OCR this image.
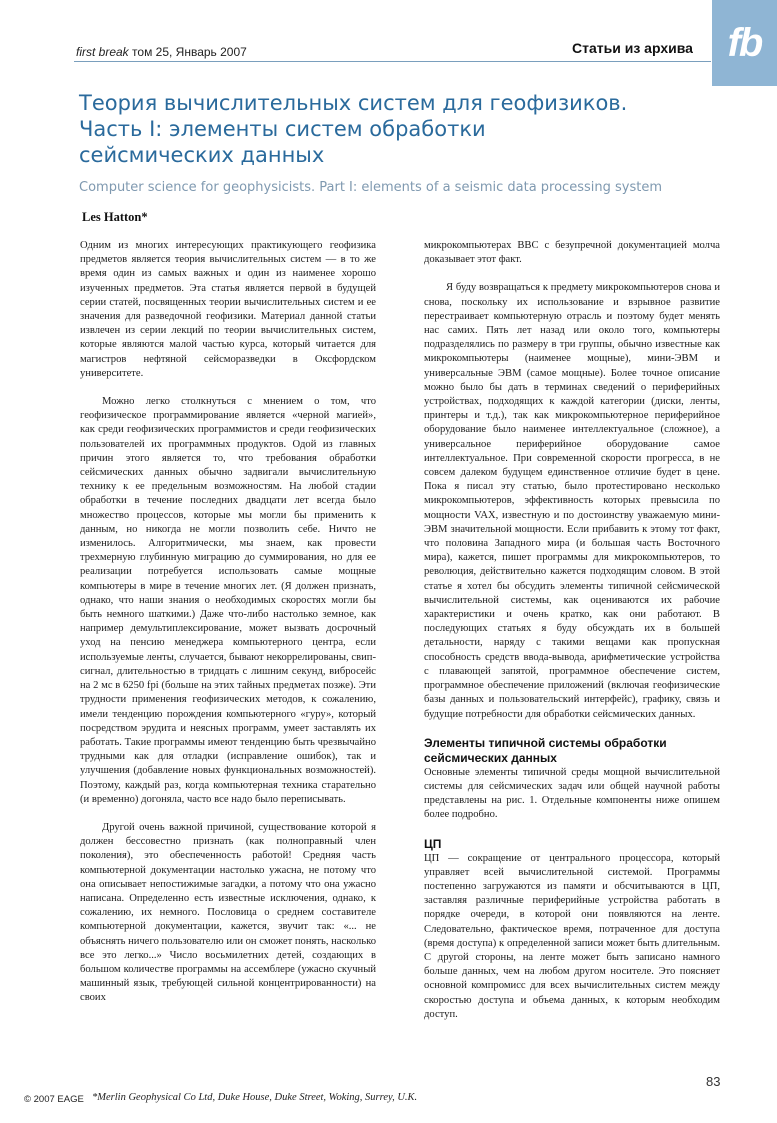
first break том 25, Январь 2007	Статьи из архива fb
Теория вычислительных систем для геофизиков. Часть I: элементы систем обработки сейсмических данных
Computer science for geophysicists. Part I: elements of a seismic data processing system
Les Hatton*

Одним из многих интересующих практикующего геофизика предметов является теория вычислительных систем — в то же время один из самых важных и один из наименее хорошо изученных предметов. Эта статья является первой в будущей серии статей, посвященных теории вычислительных систем и ее значения для разведочной геофизики. Материал данной статьи извлечен из серии лекций по теории вычислительных систем, которые являются малой частью курса, который читается для магистров нефтяной сейсморазведки в Оксфордском университете.

Можно легко столкнуться с мнением о том, что геофизическое программирование является «черной магией», как среди геофизических программистов и среди геофизических пользователей их программных продуктов. Одой из главных причин этого является то, что требования обработки сейсмических данных обычно задвигали вычислительную технику к ее предельным возможностям. На любой стадии обработки в течение последних двадцати лет всегда было множество процессов, которые мы могли бы применить к данным, но никогда не могли позволить себе. Ничто не изменилось. Алгоритмически, мы знаем, как провести трехмерную глубинную миграцию до суммирования, но для ее реализации потребуется использовать самые мощные компьютеры в мире в течение многих лет. (Я должен признать, однако, что наши знания о необходимых скоростях могли бы быть немного шаткими.) Даже что-либо настолько земное, как например демультиплексирование, может вызвать досрочный уход на пенсию менеджера компьютерного центра, если используемые ленты, случается, бывают некоррелированы, свип-сигнал, длительностью в тридцать с лишним секунд, вибросейс на 2 мс в 6250 fpi (больше на этих тайных предметах позже). Эти трудности применения геофизических методов, к сожалению, имели тенденцию порождения компьютерного «гуру», который посредством эрудита и неясных программ, умеет заставлять их работать. Такие программы имеют тенденцию быть чрезвычайно трудными как для отладки (исправление ошибок), так и улучшения (добавление новых функциональных возможностей). Поэтому, каждый раз, когда компьютерная техника старательно (и временно) догоняла, часто все надо было переписывать.

Другой очень важной причиной, существование которой я должен бессовестно признать (как полноправный член поколения), это обеспеченность работой! Средняя часть компьютерной документации настолько ужасна, не потому что она описывает непостижимые загадки, а потому что она ужасно написана. Определенно есть известные исключения, однако, к сожалению, их немного. Пословица о среднем составителе компьютерной документации, кажется, звучит так: «... не объяснять ничего пользователю или он сможет понять, насколько все это легко...» Число восьмилетних детей, создающих в большом количестве программы на ассемблере (ужасно скучный машинный язык, требующей сильной концентрированности) на своих

микрокомпьютерах BBC с безупречной документацией молча доказывает этот факт.

Я буду возвращаться к предмету микрокомпьютеров снова и снова, поскольку их использование и взрывное развитие перестраивает компьютерную отрасль и поэтому будет менять нас самих. Пять лет назад или около того, компьютеры подразделялись по размеру в три группы, обычно известные как микрокомпьютеры (наименее мощные), мини-ЭВМ и универсальные ЭВМ (самое мощные). Более точное описание можно было бы дать в терминах сведений о периферийных устройствах, подходящих к каждой категории (диски, ленты, принтеры и т.д.), так как микрокомпьютерное периферийное оборудование было наименее интеллектуальное (сложное), а универсальное периферийное оборудование самое интеллектуальное. При современной скорости прогресса, в не совсем далеком будущем единственное отличие будет в цене. Пока я писал эту статью, было протестировано несколько микрокомпьютеров, эффективность которых превысила по мощности VAX, известную и по достоинству уважаемую мини-ЭВМ значительной мощности. Если прибавить к этому тот факт, что половина Западного мира (и большая часть Восточного мира), кажется, пишет программы для микрокомпьютеров, то революция, действительно кажется подходящим словом. В этой статье я хотел бы обсудить элементы типичной сейсмической вычислительной системы, как оцениваются их рабочие характеристики и очень кратко, как они работают. В последующих статьях я буду обсуждать их в большей детальности, наряду с такими вещами как пропускная способность средств ввода-вывода, арифметические устройства с плавающей запятой, программное обеспечение систем, программное обеспечение приложений (включая геофизические базы данных и пользовательский интерфейс), графику, связь и будущие потребности для обработки сейсмических данных.

Элементы типичной системы обработки сейсмических данных

Основные элементы типичной среды мощной вычислительной системы для сейсмических задач или общей научной работы представлены на рис. 1. Отдельные компоненты ниже опишем более подробно.

ЦП

ЦП — сокращение от центрального процессора, который управляет всей вычислительной системой. Программы постепенно загружаются из памяти и обсчитываются в ЦП, заставляя различные периферийные устройства работать в порядке очереди, в которой они появляются на ленте. Следовательно, фактическое время, потраченное для доступа (время доступа) к определенной записи может быть длительным. С другой стороны, на ленте может быть записано намного больше данных, чем на любом другом носителе. Это поясняет основной компромисс для всех вычислительных систем между скоростью доступа и объема данных, к которым необходим доступ.

83
© 2007 EAGE *Merlin Geophysical Co Ltd, Duke House, Duke Street, Woking, Surrey, U.K.
